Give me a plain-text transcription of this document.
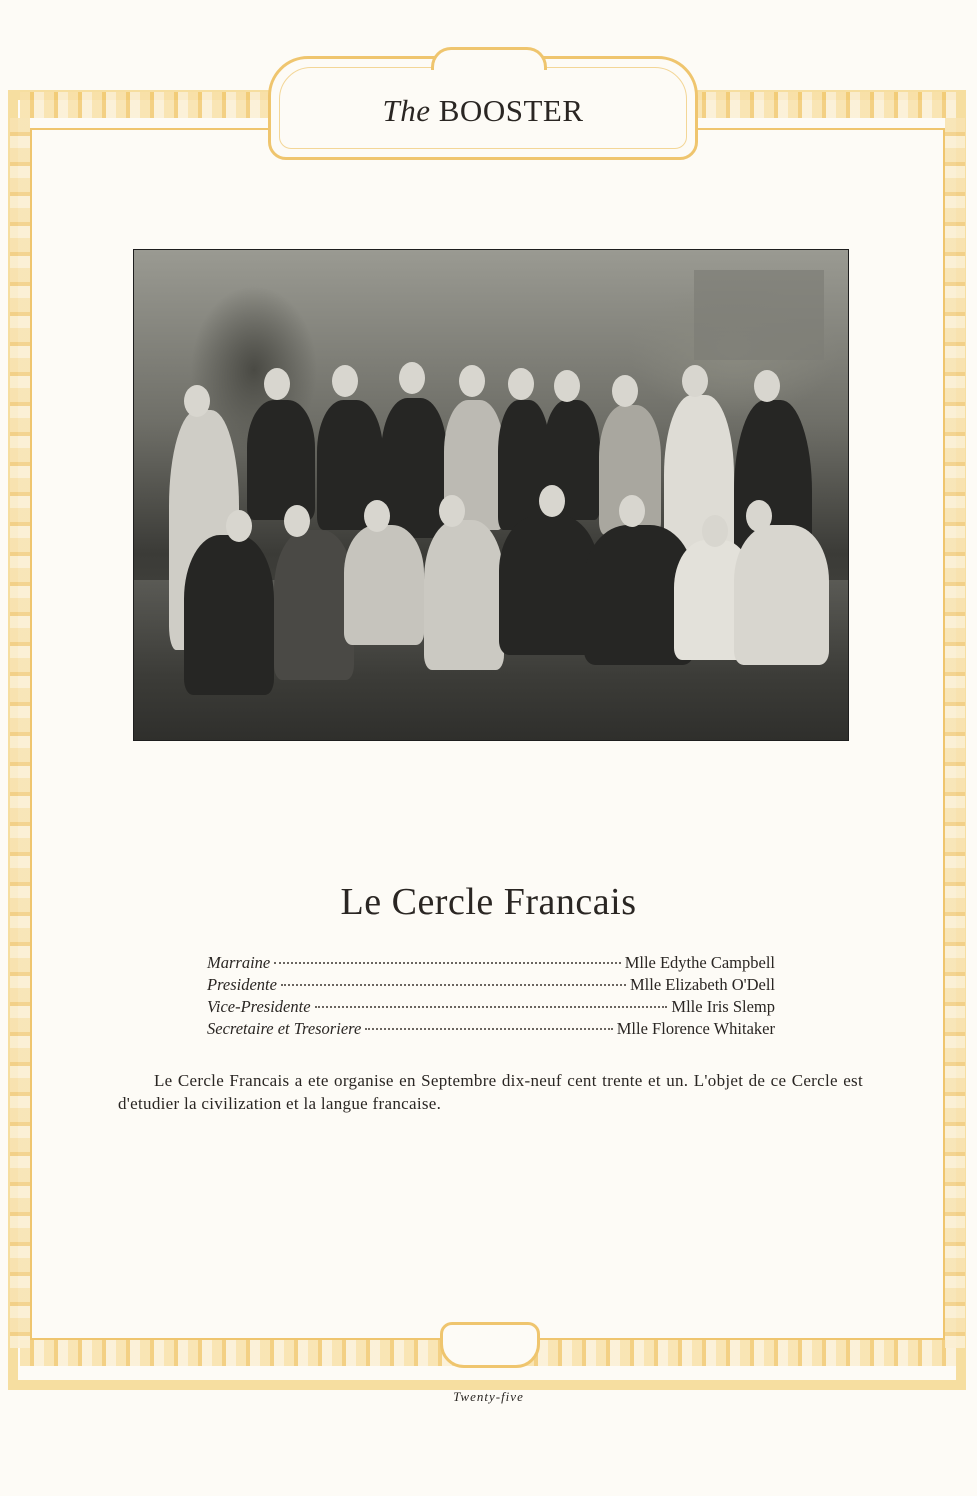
The BOOSTER
Le Cercle Francais
Marraine	Mlle Edythe Campbell
Presidente	Mlle Elizabeth O'Dell
Vice-Presidente	Mlle Iris Slemp
Secretaire et Tresoriere	Mlle Florence Whitaker
Le Cercle Francais a ete organise en Septembre dix-neuf cent trente et un. L'objet de ce Cercle est d'etudier la civilization et la langue francaise.
Twenty-five
